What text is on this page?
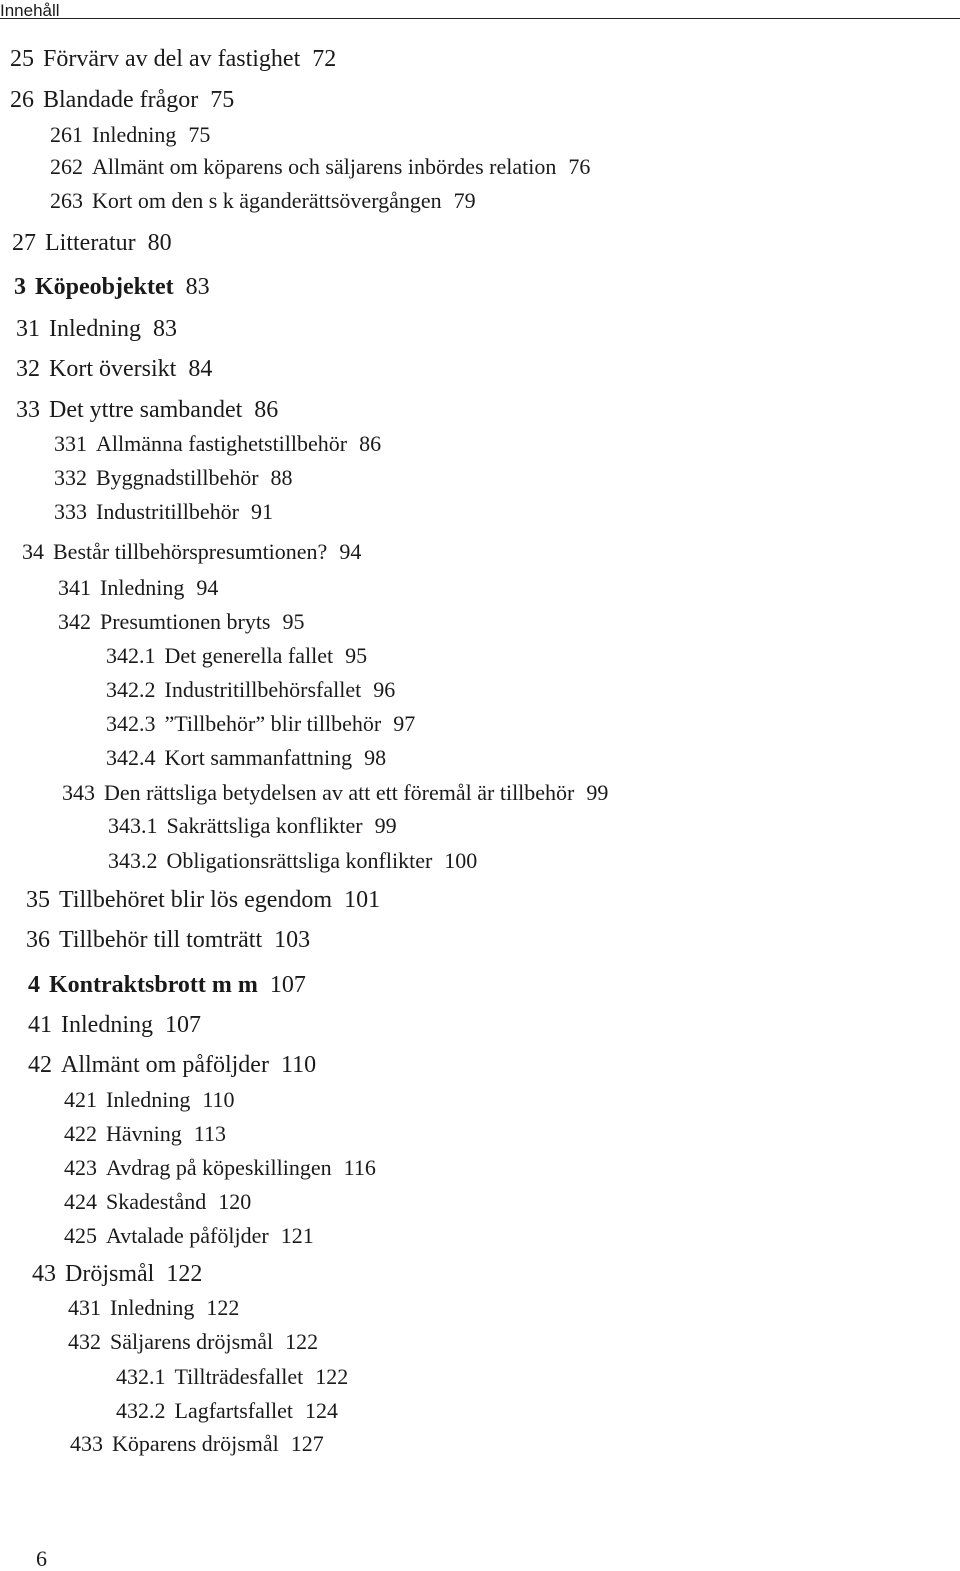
Innehåll
25 Förvärv av del av fastighet 72
26 Blandade frågor 75
261 Inledning 75
262 Allmänt om köparens och säljarens inbördes relation 76
263 Kort om den s k äganderättsövergången 79
27 Litteratur 80
3 Köpeobjektet 83
31 Inledning 83
32 Kort översikt 84
33 Det yttre sambandet 86
331 Allmänna fastighetstillbehör 86
332 Byggnadstillbehör 88
333 Industritillbehör 91
34 Består tillbehörspresumtionen? 94
341 Inledning 94
342 Presumtionen bryts 95
342.1 Det generella fallet 95
342.2 Industritillbehörsfallet 96
342.3 ”Tillbehör” blir tillbehör 97
342.4 Kort sammanfattning 98
343 Den rättsliga betydelsen av att ett föremål är tillbehör 99
343.1 Sakrättsliga konflikter 99
343.2 Obligationsrättsliga konflikter 100
35 Tillbehöret blir lös egendom 101
36 Tillbehör till tomträtt 103
4 Kontraktsbrott m m 107
41 Inledning 107
42 Allmänt om påföljder 110
421 Inledning 110
422 Hävning 113
423 Avdrag på köpeskillingen 116
424 Skadestånd 120
425 Avtalade påföljder 121
43 Dröjsmål 122
431 Inledning 122
432 Säljarens dröjsmål 122
432.1 Tillträdesfallet 122
432.2 Lagfartsfallet 124
433 Köparens dröjsmål 127
6
